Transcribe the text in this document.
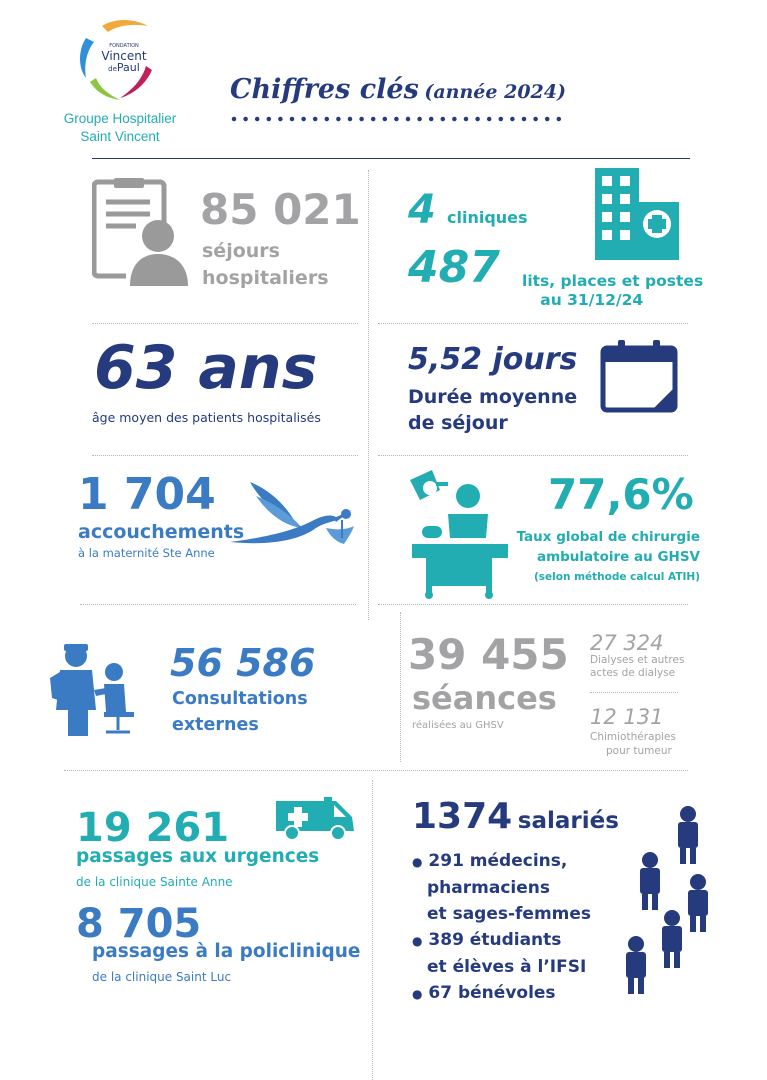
FONDATION
Vincent
dePaul
Groupe Hospitalier
Saint Vincent
Chiffres clés (année 2024)
85 021
séjours
hospitaliers
4 cliniques
487 lits, places et postes
au 31/12/24
63 ans
âge moyen des patients hospitalisés
5,52 jours
Durée moyenne
de séjour
1 704
accouchements
à la maternité Ste Anne
77,6%
Taux global de chirurgie
ambulatoire au GHSV
(selon méthode calcul ATIH)
56 586
Consultations
externes
39 455
séances
réalisées au GHSV
27 324
Dialyses et autres
actes de dialyse
12 131
Chimiothérapies
pour tumeur
19 261
passages aux urgences
de la clinique Sainte Anne
8 705
passages à la policlinique
de la clinique Saint Luc
1374 salariés
● 291 médecins,
pharmaciens
et sages-femmes
● 389 étudiants
et élèves à l’IFSI
● 67 bénévoles
